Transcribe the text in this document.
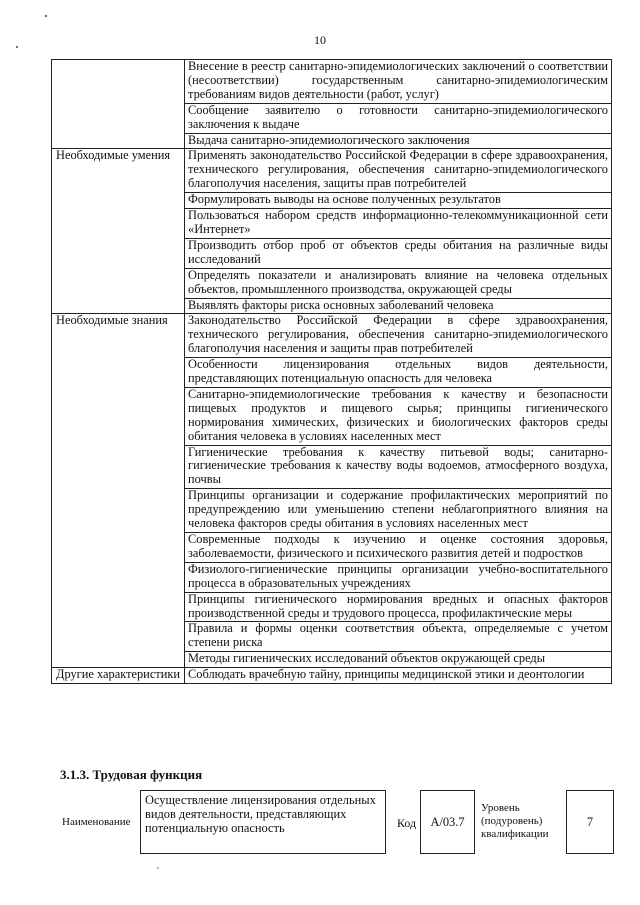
10

	Внесение в реестр санитарно-эпидемиологических заключений о соответствии (несоответствии) государственным санитарно-эпидемиологическим требованиям видов деятельности (работ, услуг)

	Сообщение заявителю о готовности санитарно-эпидемиологического заключения к выдаче

	Выдача санитарно-эпидемиологического заключения

Необходимые умения	Применять законодательство Российской Федерации в сфере здравоохранения, технического регулирования, обеспечения санитарно-эпидемиологического благополучия населения, защиты прав потребителей

	Формулировать выводы на основе полученных результатов

	Пользоваться набором средств информационно-телекоммуникационной сети «Интернет»

	Производить отбор проб от объектов среды обитания на различные виды исследований

	Определять показатели и анализировать влияние на человека отдельных объектов, промышленного производства, окружающей среды

	Выявлять факторы риска основных заболеваний человека

Необходимые знания	Законодательство Российской Федерации в сфере здравоохранения, технического регулирования, обеспечения санитарно-эпидемиологического благополучия населения и защиты прав потребителей

	Особенности лицензирования отдельных видов деятельности, представляющих потенциальную опасность для человека

	Санитарно-эпидемиологические требования к качеству и безопасности пищевых продуктов и пищевого сырья; принципы гигиенического нормирования химических, физических и биологических факторов среды обитания человека в условиях населенных мест

	Гигиенические требования к качеству питьевой воды; санитарно-гигиенические требования к качеству воды водоемов, атмосферного воздуха, почвы

	Принципы организации и содержание профилактических мероприятий по предупреждению или уменьшению степени неблагоприятного влияния на человека факторов среды обитания в условиях населенных мест

	Современные подходы к изучению и оценке состояния здоровья, заболеваемости, физического и психического развития детей и подростков

	Физиолого-гигиенические принципы организации учебно-воспитательного процесса в образовательных учреждениях

	Принципы гигиенического нормирования вредных и опасных факторов производственной среды и трудового процесса, профилактические меры

	Правила и формы оценки соответствия объекта, определяемые с учетом степени риска

	Методы гигиенических исследований объектов окружающей среды

Другие характеристики	Соблюдать врачебную тайну, принципы медицинской этики и деонтологии
3.1.3. Трудовая функция
Наименование
Осуществление лицензирования отдельных видов деятельности, представляющих потенциальную опасность	Код	А/03.7
Уровень (подуровень) квалификации
7
